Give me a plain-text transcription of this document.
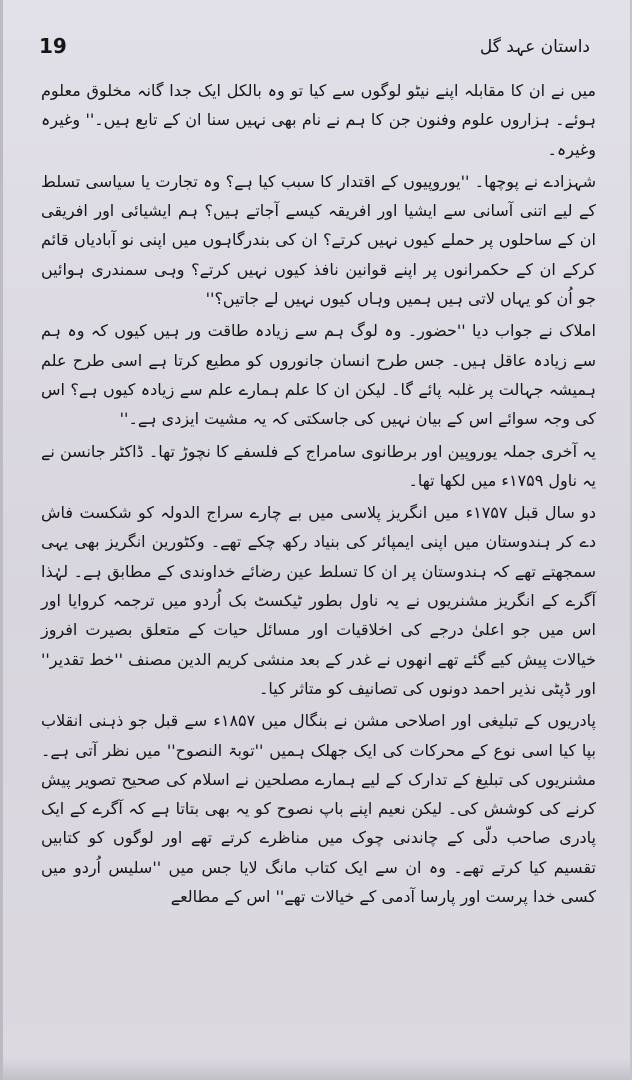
19	داستان عہد گل

میں نے ان کا مقابلہ اپنے نیٹو لوگوں سے کیا تو وہ بالکل ایک جدا گانہ مخلوق معلوم ہوئے۔ ہزاروں علوم وفنون جن کا ہم نے نام بھی نہیں سنا ان کے تابع ہیں۔'' وغیرہ وغیرہ۔

شہزادے نے پوچھا۔ ''یوروپیوں کے اقتدار کا سبب کیا ہے؟ وہ تجارت یا سیاسی تسلط کے لیے اتنی آسانی سے ایشیا اور افریقہ کیسے آجاتے ہیں؟ ہم ایشیائی اور افریقی ان کے ساحلوں پر حملے کیوں نہیں کرتے؟ ان کی بندرگاہوں میں اپنی نو آبادیاں قائم کرکے ان کے حکمرانوں پر اپنے قوانین نافذ کیوں نہیں کرتے؟ وہی سمندری ہوائیں جو اُن کو یہاں لاتی ہیں ہمیں وہاں کیوں نہیں لے جاتیں؟''

املاک نے جواب دیا ''حضور۔ وہ لوگ ہم سے زیادہ طاقت ور ہیں کیوں کہ وہ ہم سے زیادہ عاقل ہیں۔ جس طرح انسان جانوروں کو مطیع کرتا ہے اسی طرح علم ہمیشہ جہالت پر غلبہ پائے گا۔ لیکن ان کا علم ہمارے علم سے زیادہ کیوں ہے؟ اس کی وجہ سوائے اس کے بیان نہیں کی جاسکتی کہ یہ مشیت ایزدی ہے۔''

یہ آخری جملہ یوروپین اور برطانوی سامراج کے فلسفے کا نچوڑ تھا۔ ڈاکٹر جانسن نے یہ ناول ۱۷۵۹ء میں لکھا تھا۔

دو سال قبل ۱۷۵۷ء میں انگریز پلاسی میں بے چارے سراج الدولہ کو شکست فاش دے کر ہندوستان میں اپنی ایمپائر کی بنیاد رکھ چکے تھے۔ وکٹورین انگریز بھی یہی سمجھتے تھے کہ ہندوستان پر ان کا تسلط عین رضائے خداوندی کے مطابق ہے۔ لہٰذا آگرے کے انگریز مشنریوں نے یہ ناول بطور ٹیکسٹ بک اُردو میں ترجمہ کروایا اور اس میں جو اعلیٰ درجے کی اخلاقیات اور مسائل حیات کے متعلق بصیرت افروز خیالات پیش کیے گئے تھے انھوں نے غدر کے بعد منشی کریم الدین مصنف ''خط تقدیر'' اور ڈپٹی نذیر احمد دونوں کی تصانیف کو متاثر کیا۔

پادریوں کے تبلیغی اور اصلاحی مشن نے بنگال میں ۱۸۵۷ء سے قبل جو ذہنی انقلاب بپا کیا اسی نوع کے محرکات کی ایک جھلک ہمیں ''توبۃ النصوح'' میں نظر آتی ہے۔ مشنریوں کی تبلیغ کے تدارک کے لیے ہمارے مصلحین نے اسلام کی صحیح تصویر پیش کرنے کی کوشش کی۔ لیکن نعیم اپنے باپ نصوح کو یہ بھی بتاتا ہے کہ آگرے کے ایک پادری صاحب دلّی کے چاندنی چوک میں مناظرے کرتے تھے اور لوگوں کو کتابیں تقسیم کیا کرتے تھے۔ وہ ان سے ایک کتاب مانگ لایا جس میں ''سلیس اُردو میں کسی خدا پرست اور پارسا آدمی کے خیالات تھے'' اس کے مطالعے
